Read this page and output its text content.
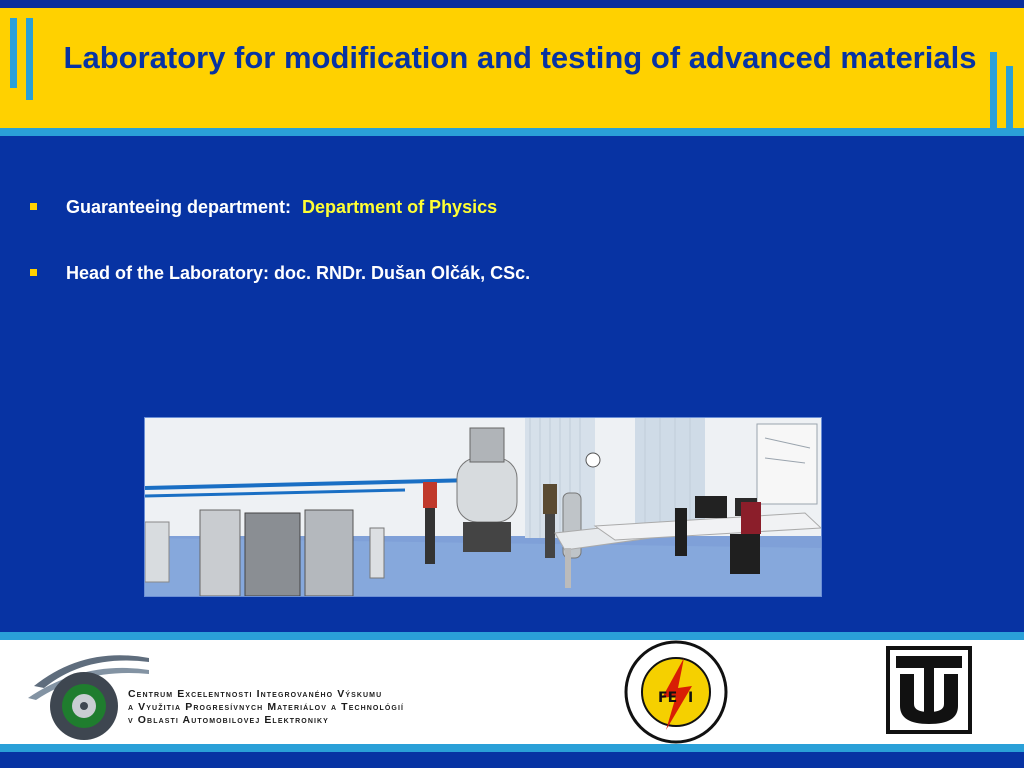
Laboratory for modification and testing of advanced materials
Guaranteeing department: Department of Physics
Head of the Laboratory: doc. RNDr. Dušan Olčák, CSc.
Centrum Excelentnosti Integrovaného Výskumu
a Využitia Progresívnych Materiálov a Technológií
v Oblasti Automobilovej Elektroniky
FE I
